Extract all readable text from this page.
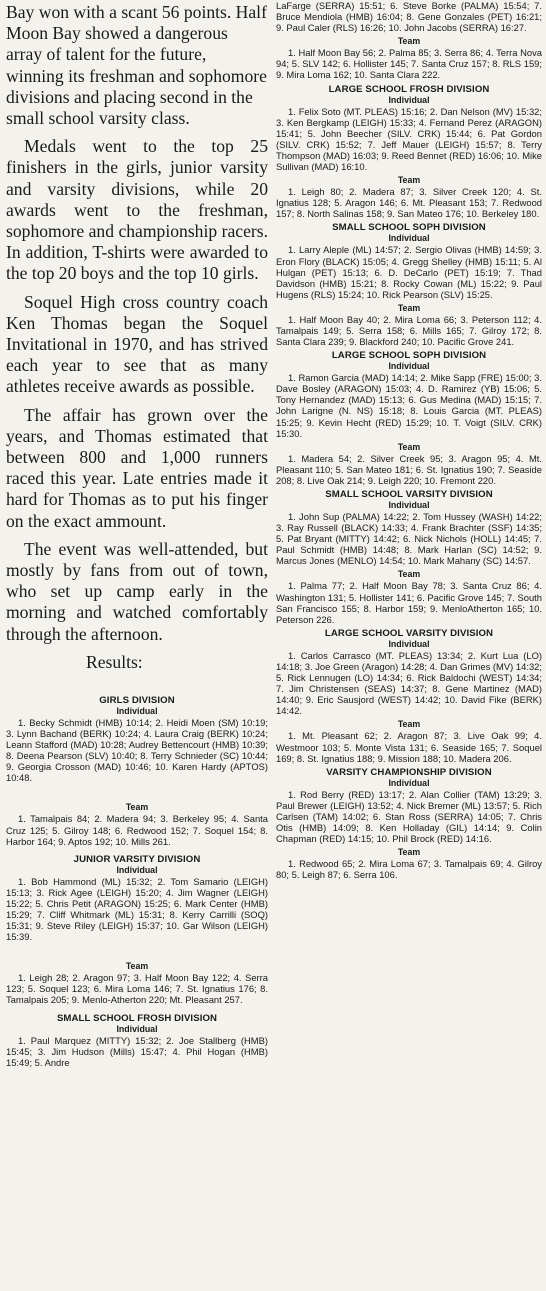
Bay won with a scant 56 points. Half Moon Bay showed a dangerous array of talent for the future, winning its freshman and sophomore divisions and placing second in the small school varsity class.

Medals went to the top 25 finishers in the girls, junior varsity and varsity divisions, while 20 awards went to the freshman, sophomore and championship racers. In addition, T-shirts were awarded to the top 20 boys and the top 10 girls.

Soquel High cross country coach Ken Thomas began the Soquel Invitational in 1970, and has strived each year to see that as many athletes receive awards as possible.

The affair has grown over the years, and Thomas estimated that between 800 and 1,000 runners raced this year. Late entries made it hard for Thomas as to put his finger on the exact ammount.

The event was well-attended, but mostly by fans from out of town, who set up camp early in the morning and watched comfortably through the afternoon.

Results:

GIRLS DIVISION

Individual

1. Becky Schmidt (HMB) 10:14; 2. Heidi Moen (SM) 10:19; 3. Lynn Bachand (BERK) 10:24; 4. Laura Craig (BERK) 10:24; Leann Stafford (MAD) 10:28; Audrey Bettencourt (HMB) 10:39; 8. Deena Pearson (SLV) 10:40; 8. Terry Schnieder (SC) 10:44; 9. Georgia Crosson (MAD) 10:46; 10. Karen Hardy (APTOS) 10:48.

Team

1. Tamalpais 84; 2. Madera 94; 3. Berkeley 95; 4. Santa Cruz 125; 5. Gilroy 148; 6. Redwood 152; 7. Soquel 154; 8. Harbor 164; 9. Aptos 192; 10. Mills 261.

JUNIOR VARSITY DIVISION

Individual

1. Bob Hammond (ML) 15:32; 2. Tom Samario (LEIGH) 15:13; 3. Rick Agee (LEIGH) 15:20; 4. Jim Wagner (LEIGH) 15:22; 5. Chris Petit (ARAGON) 15:25; 6. Mark Center (HMB) 15:29; 7. Cliff Whitmark (ML) 15:31; 8. Kerry Carrilli (SOQ) 15:31; 9. Steve Riley (LEIGH) 15:37; 10. Gar Wilson (LEIGH) 15:39.

Team

1. Leigh 28; 2. Aragon 97; 3. Half Moon Bay 122; 4. Serra 123; 5. Soquel 123; 6. Mira Loma 146; 7. St. Ignatius 176; 8. Tamalpais 205; 9. Menlo-Atherton 220; Mt. Pleasant 257.

SMALL SCHOOL FROSH DIVISION

Individual

1. Paul Marquez (MITTY) 15:32; 2. Joe Stallberg (HMB) 15:45; 3. Jim Hudson (Mills) 15:47; 4. Phil Hogan (HMB) 15:49; 5. Andre

LaFarge (SERRA) 15:51; 6. Steve Borke (PALMA) 15:54; 7. Bruce Mendiola (HMB) 16:04; 8. Gene Gonzales (PET) 16:21; 9. Paul Caler (RLS) 16:26; 10. John Jacobs (SERRA) 16:27.

Team

1. Half Moon Bay 56; 2. Palma 85; 3. Serra 86; 4. Terra Nova 94; 5. SLV 142; 6. Hollister 145; 7. Santa Cruz 157; 8. RLS 159; 9. Mira Loma 162; 10. Santa Clara 222.

LARGE SCHOOL FROSH DIVISION

Individual

1. Felix Soto (MT. PLEAS) 15:16; 2. Dan Nelson (MV) 15:32; 3. Ken Bergkamp (LEIGH) 15:33; 4. Fernand Perez (ARAGON) 15:41; 5. John Beecher (SILV. CRK) 15:44; 6. Pat Gordon (SILV. CRK) 15:52; 7. Jeff Mauer (LEIGH) 15:57; 8. Terry Thompson (MAD) 16:03; 9. Reed Bennet (RED) 16:06; 10. Mike Sullivan (MAD) 16:10.

Team

1. Leigh 80; 2. Madera 87; 3. Silver Creek 120; 4. St. Ignatius 128; 5. Aragon 146; 6. Mt. Pleasant 153; 7. Redwood 157; 8. North Salinas 158; 9. San Mateo 176; 10. Berkeley 180.

SMALL SCHOOL SOPH DIVISION

Individual

1. Larry Aleple (ML) 14:57; 2. Sergio Olivas (HMB) 14:59; 3. Eron Flory (BLACK) 15:05; 4. Gregg Shelley (HMB) 15:11; 5. Al Hulgan (PET) 15:13; 6. D. DeCarlo (PET) 15:19; 7. Thad Davidson (HMB) 15:21; 8. Rocky Cowan (ML) 15:22; 9. Paul Hugens (RLS) 15:24; 10. Rick Pearson (SLV) 15:25.

Team

1. Half Moon Bay 40; 2. Mira Loma 66; 3. Peterson 112; 4. Tamalpais 149; 5. Serra 158; 6. Mills 165; 7. Gilroy 172; 8. Santa Clara 239; 9. Blackford 240; 10. Pacific Grove 241.

LARGE SCHOOL SOPH DIVISION

Individual

1. Ramon Garcia (MAD) 14:14; 2. Mike Sapp (FRE) 15:00; 3. Dave Bosley (ARAGON) 15:03; 4. D. Ramirez (YB) 15:06; 5. Tony Hernandez (MAD) 15:13; 6. Gus Medina (MAD) 15:15; 7. John Larigne (N. NS) 15:18; 8. Louis Garcia (MT. PLEAS) 15:25; 9. Kevin Hecht (RED) 15:29; 10. T. Voigt (SILV. CRK) 15:30.

Team

1. Madera 54; 2. Silver Creek 95; 3. Aragon 95; 4. Mt. Pleasant 110; 5. San Mateo 181; 6. St. Ignatius 190; 7. Seaside 208; 8. Live Oak 214; 9. Leigh 220; 10. Fremont 220.

SMALL SCHOOL VARSITY DIVISION

Individual

1. John Sup (PALMA) 14:22; 2. Tom Hussey (WASH) 14:22; 3. Ray Russell (BLACK) 14:33; 4. Frank Brachter (SSF) 14:35; 5. Pat Bryant (MITTY) 14:42; 6. Nick Nichols (HOLL) 14:45; 7. Paul Schmidt (HMB) 14:48; 8. Mark Harlan (SC) 14:52; 9. Marcus Jones (MENLO) 14:54; 10. Mark Mahany (SC) 14:57.

Team

1. Palma 77; 2. Half Moon Bay 78; 3. Santa Cruz 86; 4. Washington 131; 5. Hollister 141; 6. Pacific Grove 145; 7. South San Francisco 155; 8. Harbor 159; 9. MenloAtherton 165; 10. Peterson 226.

LARGE SCHOOL VARSITY DIVISION

Individual

1. Carlos Carrasco (MT. PLEAS) 13:34; 2. Kurt Lua (LO) 14:18; 3. Joe Green (Aragon) 14:28; 4. Dan Grimes (MV) 14:32; 5. Rick Lennugen (LO) 14:34; 6. Rick Baldochi (WEST) 14:34; 7. Jim Christensen (SEAS) 14:37; 8. Gene Martinez (MAD) 14:40; 9. Eric Sausjord (WEST) 14:42; 10. David Fike (BERK) 14:42.

Team

1. Mt. Pleasant 62; 2. Aragon 87; 3. Live Oak 99; 4. Westmoor 103; 5. Monte Vista 131; 6. Seaside 165; 7. Soquel 169; 8. St. Ignatius 188; 9. Mission 188; 10. Madera 206.

VARSITY CHAMPIONSHIP DIVISION

Individual

1. Rod Berry (RED) 13:17; 2. Alan Collier (TAM) 13:29; 3. Paul Brewer (LEIGH) 13:52; 4. Nick Bremer (ML) 13:57; 5. Rich Carlsen (TAM) 14:02; 6. Stan Ross (SERRA) 14:05; 7. Chris Otis (HMB) 14:09; 8. Ken Holladay (GIL) 14:14; 9. Colin Chapman (RED) 14:15; 10. Phil Brock (RED) 14:16.

Team

1. Redwood 65; 2. Mira Loma 67; 3. Tamalpais 69; 4. Gilroy 80; 5. Leigh 87; 6. Serra 106.
